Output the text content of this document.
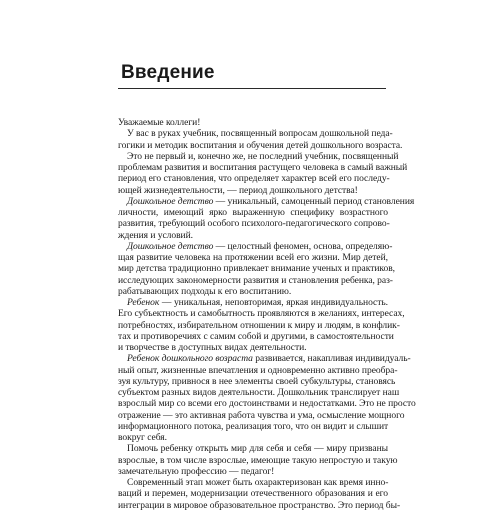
Введение
Уважаемые коллеги!
У вас в руках учебник, посвященный вопросам дошкольной педа-
гогики и методик воспитания и обучения детей дошкольного возраста.
Это не первый и, конечно же, не последний учебник, посвященный
проблемам развития и воспитания растущего человека в самый важный
период его становления, что определяет характер всей его последу-
ющей жизнедеятельности, — период дошкольного детства!
Дошкольное детство — уникальный, самоценный период становления
личности, имеющий ярко выраженную специфику возрастного
развития, требующий особого психолого-педагогического сопрово-
ждения и условий.
Дошкольное детство — целостный феномен, основа, определяю-
щая развитие человека на протяжении всей его жизни. Мир детей,
мир детства традиционно привлекает внимание ученых и практиков,
исследующих закономерности развития и становления ребенка, раз-
рабатывающих подходы к его воспитанию.
Ребенок — уникальная, неповторимая, яркая индивидуальность.
Его субъектность и самобытность проявляются в желаниях, интересах,
потребностях, избирательном отношении к миру и людям, в конфлик-
тах и противоречиях с самим собой и другими, в самостоятельности
и творчестве в доступных видах деятельности.
Ребенок дошкольного возраста развивается, накапливая индивидуаль-
ный опыт, жизненные впечатления и одновременно активно преобра-
зуя культуру, привнося в нее элементы своей субкультуры, становясь
субъектом разных видов деятельности. Дошкольник транслирует наш
взрослый мир со всеми его достоинствами и недостатками. Это не просто
отражение — это активная работа чувства и ума, осмысление мощного
информационного потока, реализация того, что он видит и слышит
вокруг себя.
Помочь ребенку открыть мир для себя и себя — миру призваны
взрослые, в том числе взрослые, имеющие такую непростую и такую
замечательную профессию — педагог!
Современный этап может быть охарактеризован как время инно-
ваций и перемен, модернизации отечественного образования и его
интеграции в мировое образовательное пространство. Это период бы-
